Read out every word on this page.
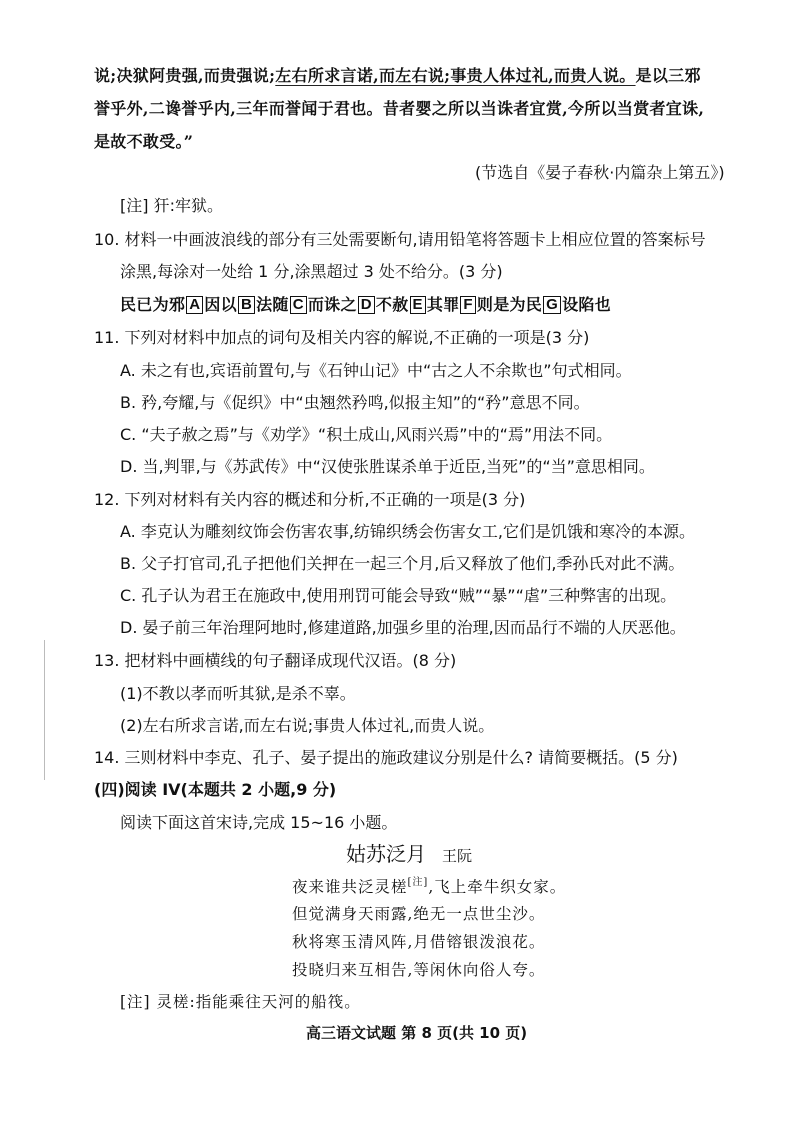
说;决狱阿贵强,而贵强说;左右所求言诺,而左右说;事贵人体过礼,而贵人说。是以三邪
誉乎外,二谗誉乎内,三年而誉闻于君也。昔者婴之所以当诛者宜赏,今所以当赏者宜诛,
是故不敢受。”
(节选自《晏子春秋·内篇杂上第五》)
[注] 犴:牢狱。
10. 材料一中画波浪线的部分有三处需要断句,请用铅笔将答题卡上相应位置的答案标号
涂黑,每涂对一处给 1 分,涂黑超过 3 处不给分。(3 分)
民已为邪 A 因以 B 法随 C 而诛之 D 不赦 E 其罪 F 则是为民 G 设陷也
11. 下列对材料中加点的词句及相关内容的解说,不正确的一项是(3 分)
A. 未之有也,宾语前置句,与《石钟山记》中“古之人不余欺也”句式相同。
B. 矜,夸耀,与《促织》中“虫翘然矜鸣,似报主知”的“矜”意思不同。
C. “夫子赦之焉”与《劝学》“积土成山,风雨兴焉”中的“焉”用法不同。
D. 当,判罪,与《苏武传》中“汉使张胜谋杀单于近臣,当死”的“当”意思相同。
12. 下列对材料有关内容的概述和分析,不正确的一项是(3 分)
A. 李克认为雕刻纹饰会伤害农事,纺锦织绣会伤害女工,它们是饥饿和寒冷的本源。
B. 父子打官司,孔子把他们关押在一起三个月,后又释放了他们,季孙氏对此不满。
C. 孔子认为君王在施政中,使用刑罚可能会导致“贼”“暴”“虐”三种弊害的出现。
D. 晏子前三年治理阿地时,修建道路,加强乡里的治理,因而品行不端的人厌恶他。
13. 把材料中画横线的句子翻译成现代汉语。(8 分)
(1)不教以孝而听其狱,是杀不辜。
(2)左右所求言诺,而左右说;事贵人体过礼,而贵人说。
14. 三则材料中李克、孔子、晏子提出的施政建议分别是什么? 请简要概括。(5 分)
(四)阅读 IV(本题共 2 小题,9 分)
阅读下面这首宋诗,完成 15~16 小题。
姑苏泛月 王阮
夜来谁共泛灵槎[注],飞上牵牛织女家。
但觉满身天雨露,绝无一点世尘沙。
秋将寒玉清风阵,月借镕银泼浪花。
投晓归来互相告,等闲休向俗人夸。
[注] 灵槎:指能乘往天河的船筏。
高三语文试题 第 8 页(共 10 页)
